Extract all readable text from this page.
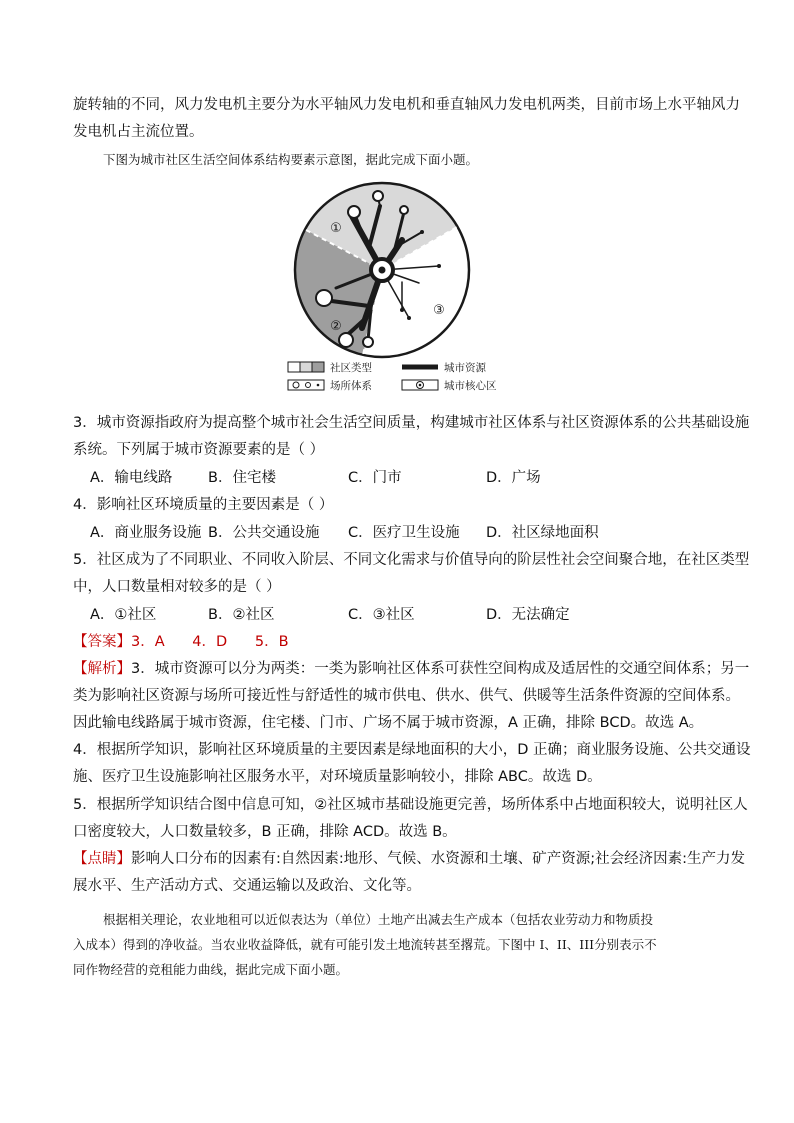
旋转轴的不同，风力发电机主要分为水平轴风力发电机和垂直轴风力发电机两类，目前市场上水平轴风力
发电机占主流位置。
下图为城市社区生活空间体系结构要素示意图，据此完成下面小题。
①
②
③
社区类型	城市资源
场所体系	城市核心区
3．城市资源指政府为提高整个城市社会生活空间质量，构建城市社区体系与社区资源体系的公共基础设施
系统。下列属于城市资源要素的是（ ）
A．输电线路 B．住宅楼	C．门市	D．广场
4．影响社区环境质量的主要因素是（ ）
A．商业服务设施 B．公共交通设施 C．医疗卫生设施 D．社区绿地面积
5．社区成为了不同职业、不同收入阶层、不同文化需求与价值导向的阶层性社会空间聚合地，在社区类型
中，人口数量相对较多的是（ ）
A．①社区	B．②社区	C．③社区	D．无法确定
【答案】3．A      4．D      5．B
【解析】3．城市资源可以分为两类：一类为影响社区体系可获性空间构成及适居性的交通空间体系；另一
类为影响社区资源与场所可接近性与舒适性的城市供电、供水、供气、供暖等生活条件资源的空间体系。
因此输电线路属于城市资源，住宅楼、门市、广场不属于城市资源，A 正确，排除 BCD。故选 A。
4．根据所学知识，影响社区环境质量的主要因素是绿地面积的大小，D 正确；商业服务设施、公共交通设
施、医疗卫生设施影响社区服务水平，对环境质量影响较小，排除 ABC。故选 D。
5．根据所学知识结合图中信息可知，②社区城市基础设施更完善，场所体系中占地面积较大，说明社区人
口密度较大，人口数量较多，B 正确，排除 ACD。故选 B。
【点睛】影响人口分布的因素有:自然因素:地形、气候、水资源和土壤、矿产资源;社会经济因素:生产力发
展水平、生产活动方式、交通运输以及政治、文化等。
根据相关理论，农业地租可以近似表达为（单位）土地产出减去生产成本（包括农业劳动力和物质投
入成本）得到的净收益。当农业收益降低，就有可能引发土地流转甚至撂荒。下图中 I、II、III分别表示不
同作物经营的竞租能力曲线，据此完成下面小题。
